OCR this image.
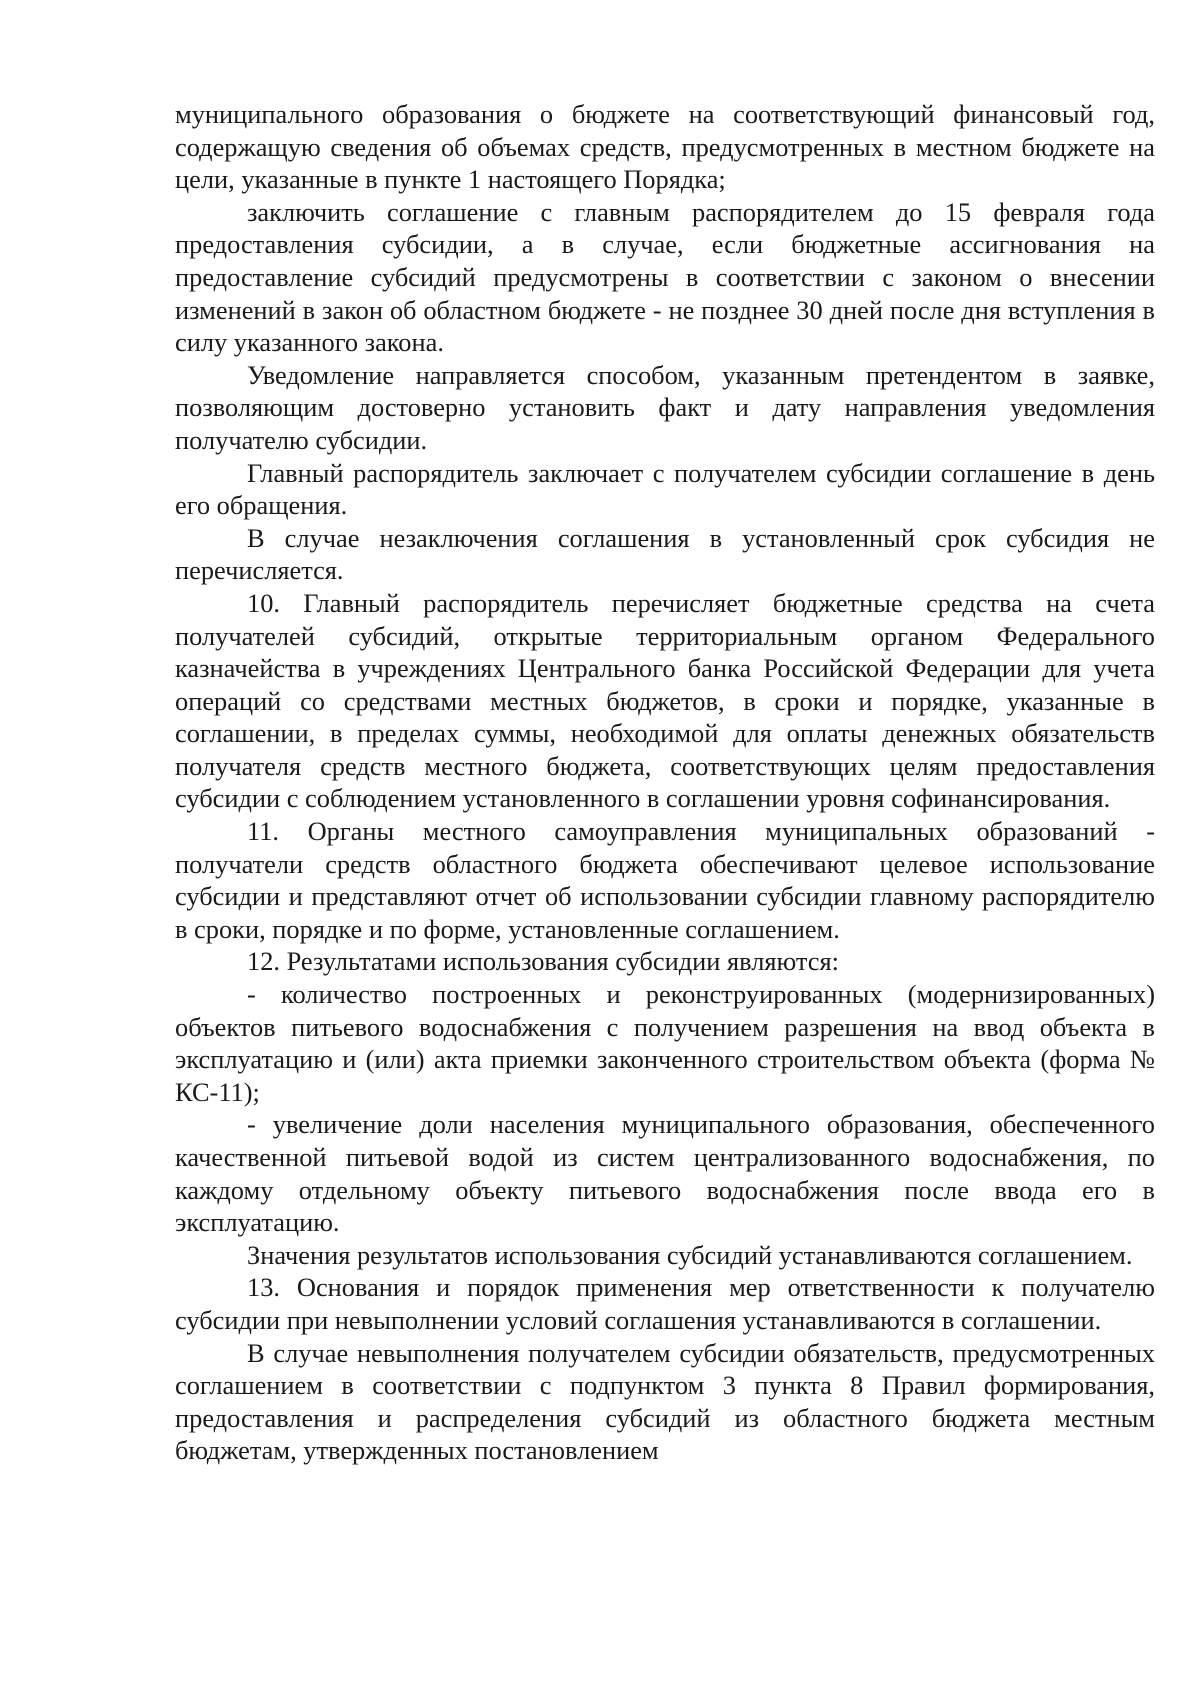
муниципального образования о бюджете на соответствующий финансовый год, содержащую сведения об объемах средств, предусмотренных в местном бюджете на цели, указанные в пункте 1 настоящего Порядка;

заключить соглашение с главным распорядителем до 15 февраля года предоставления субсидии, а в случае, если бюджетные ассигнования на предоставление субсидий предусмотрены в соответствии с законом о внесении изменений в закон об областном бюджете - не позднее 30 дней после дня вступления в силу указанного закона.

Уведомление направляется способом, указанным претендентом в заявке, позволяющим достоверно установить факт и дату направления уведомления получателю субсидии.

Главный распорядитель заключает с получателем субсидии соглашение в день его обращения.

В случае незаключения соглашения в установленный срок субсидия не перечисляется.

10. Главный распорядитель перечисляет бюджетные средства на счета получателей субсидий, открытые территориальным органом Федерального казначейства в учреждениях Центрального банка Российской Федерации для учета операций со средствами местных бюджетов, в сроки и порядке, указанные в соглашении, в пределах суммы, необходимой для оплаты денежных обязательств получателя средств местного бюджета, соответствующих целям предоставления субсидии с соблюдением установленного в соглашении уровня софинансирования.

11. Органы местного самоуправления муниципальных образований - получатели средств областного бюджета обеспечивают целевое использование субсидии и представляют отчет об использовании субсидии главному распорядителю в сроки, порядке и по форме, установленные соглашением.

12. Результатами использования субсидии являются:

- количество построенных и реконструированных (модернизированных) объектов питьевого водоснабжения с получением разрешения на ввод объекта в эксплуатацию и (или) акта приемки законченного строительством объекта (форма № КС-11);

- увеличение доли населения муниципального образования, обеспеченного качественной питьевой водой из систем централизованного водоснабжения, по каждому отдельному объекту питьевого водоснабжения после ввода его в эксплуатацию.

Значения результатов использования субсидий устанавливаются соглашением.

13. Основания и порядок применения мер ответственности к получателю субсидии при невыполнении условий соглашения устанавливаются в соглашении.

В случае невыполнения получателем субсидии обязательств, предусмотренных соглашением в соответствии с подпунктом 3 пункта 8 Правил формирования, предоставления и распределения субсидий из областного бюджета местным бюджетам, утвержденных постановлением
